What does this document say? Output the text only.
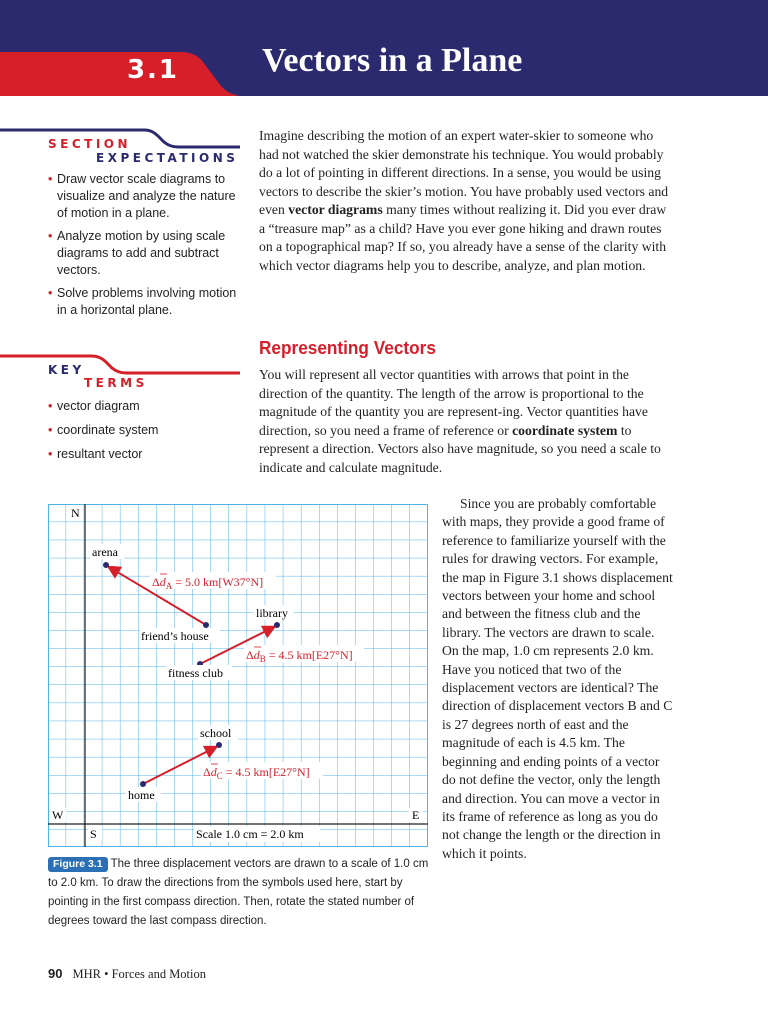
3.1 Vectors in a Plane
SECTION
EXPECTATIONS
• Draw vector scale diagrams to visualize and analyze the nature of motion in a plane.
• Analyze motion by using scale diagrams to add and subtract vectors.
• Solve problems involving motion in a horizontal plane.
KEY
TERMS
• vector diagram
• coordinate system
• resultant vector

Imagine describing the motion of an expert water-skier to someone who had not watched the skier demonstrate his technique. You would probably do a lot of pointing in different directions. In a sense, you would be using vectors to describe the skier’s motion. You have probably used vectors and even vector diagrams many times without realizing it. Did you ever draw a “treasure map” as a child? Have you ever gone hiking and drawn routes on a topographical map? If so, you already have a sense of the clarity with which vector diagrams help you to describe, analyze, and plan motion.

Representing Vectors

You will represent all vector quantities with arrows that point in the direction of the quantity. The length of the arrow is proportional to the magnitude of the quantity you are represent-ing. Vector quantities have direction, so you need a frame of reference or coordinate system to represent a direction. Vectors also have magnitude, so you need a scale to indicate and calculate magnitude.

Since you are probably comfortable with maps, they provide a good frame of reference to familiarize yourself with the rules for drawing vectors. For example, the map in Figure 3.1 shows displacement vectors between your home and school and between the fitness club and the library. The vectors are drawn to scale. On the map, 1.0 cm represents 2.0 km. Have you noticed that two of the displacement vectors are identical? The direction of displacement vectors B and C is 27 degrees north of east and the magnitude of each is 4.5 km. The beginning and ending points of a vector do not define the vector, only the length and direction. You can move a vector in its frame of reference as long as you do not change the length or the direction in which it points.

N
S
W	E
arena
friend’s house
library
fitness club
school
home
$\Delta d_A = 5.0$ km[W37°N]
$\Delta d_B = 4.5$ km[E27°N]
$\Delta d_C = 4.5$ km[E27°N]
Scale 1.0 cm = 2.0 km
Figure 3.1 The three displacement vectors are drawn to a scale of 1.0 cm to 2.0 km. To draw the directions from the symbols used here, start by pointing in the first compass direction. Then, rotate the stated number of degrees toward the last compass direction.
90 MHR • Forces and Motion
